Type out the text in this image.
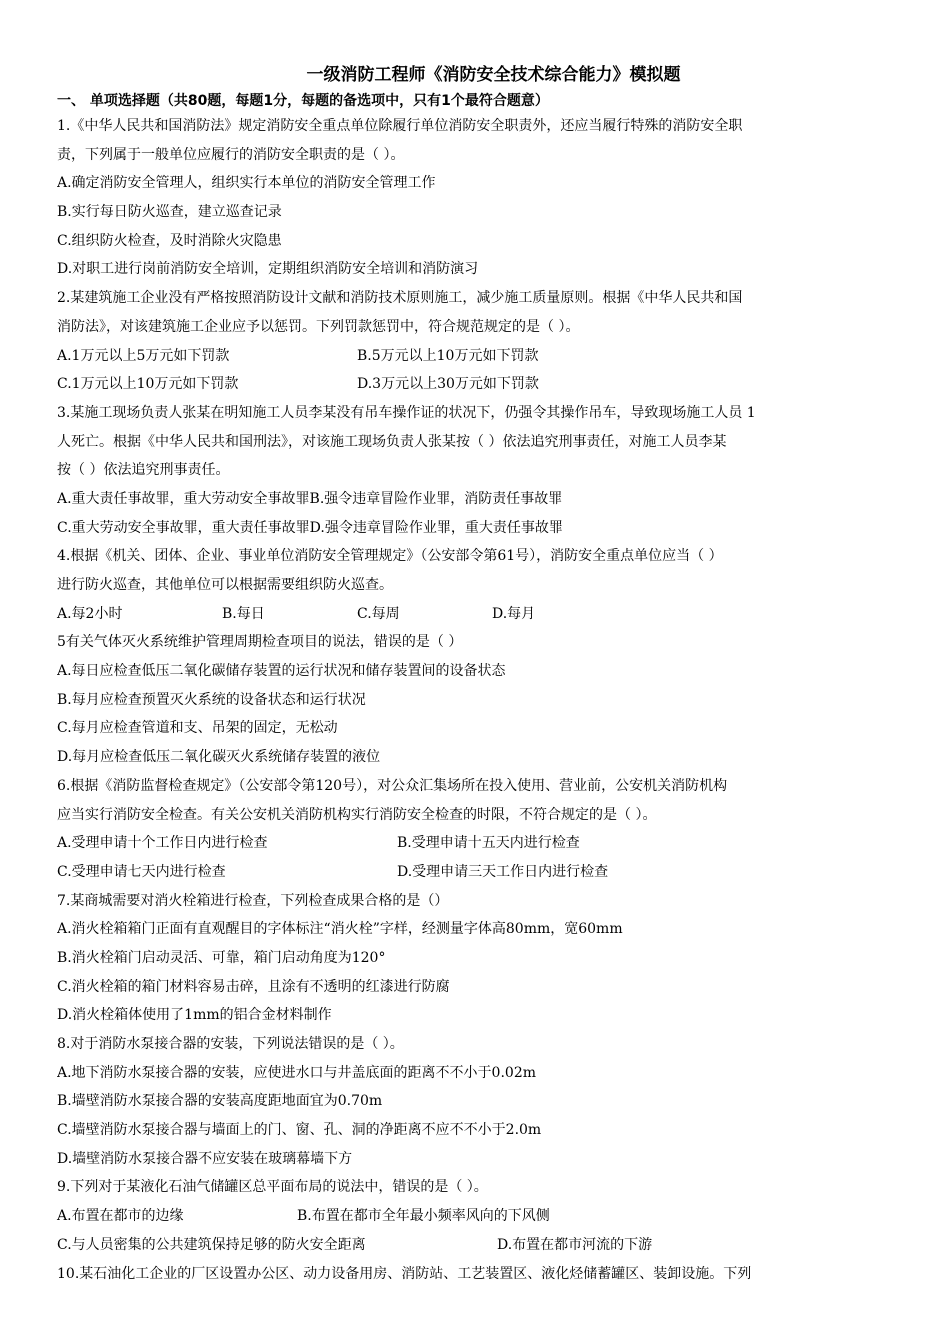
一级消防工程师《消防安全技术综合能力》模拟题
一、 单项选择题（共80题，每题1分，每题的备选项中，只有1个最符合题意）
1.《中华人民共和国消防法》规定消防安全重点单位除履行单位消防安全职责外，还应当履行特殊的消防安全职
责，下列属于一般单位应履行的消防安全职责的是（ ）。
A.确定消防安全管理人，组织实行本单位的消防安全管理工作
B.实行每日防火巡查，建立巡查记录
C.组织防火检查，及时消除火灾隐患
D.对职工进行岗前消防安全培训，定期组织消防安全培训和消防演习
2.某建筑施工企业没有严格按照消防设计文献和消防技术原则施工，减少施工质量原则。根据《中华人民共和国
消防法》，对该建筑施工企业应予以惩罚。下列罚款惩罚中，符合规范规定的是（ ）。
A.1万元以上5万元如下罚款	B.5万元以上10万元如下罚款
C.1万元以上10万元如下罚款	D.3万元以上30万元如下罚款
3.某施工现场负责人张某在明知施工人员李某没有吊车操作证的状况下，仍强令其操作吊车，导致现场施工人员 1
人死亡。根据《中华人民共和国刑法》，对该施工现场负责人张某按（ ）依法追究刑事责任，对施工人员李某
按（ ）依法追究刑事责任。
A.重大责任事故罪，重大劳动安全事故罪B.强令违章冒险作业罪，消防责任事故罪
C.重大劳动安全事故罪，重大责任事故罪D.强令违章冒险作业罪，重大责任事故罪
4.根据《机关、团体、企业、事业单位消防安全管理规定》（公安部令第61号），消防安全重点单位应当（ ）
进行防火巡查，其他单位可以根据需要组织防火巡查。
A.每2小时	B.每日	C.每周	D.每月
5有关气体灭火系统维护管理周期检查项目的说法，错误的是（ ）
A.每日应检查低压二氧化碳储存装置的运行状况和储存装置间的设备状态
B.每月应检查预置灭火系统的设备状态和运行状况
C.每月应检查管道和支、吊架的固定，无松动
D.每月应检查低压二氧化碳灭火系统储存装置的液位
6.根据《消防监督检查规定》（公安部令第120号），对公众汇集场所在投入使用、营业前，公安机关消防机构
应当实行消防安全检查。有关公安机关消防机构实行消防安全检查的时限，不符合规定的是（ ）。
A.受理申请十个工作日内进行检查	B.受理申请十五天内进行检查
C.受理申请七天内进行检查	D.受理申请三天工作日内进行检查
7.某商城需要对消火栓箱进行检查，下列检查成果合格的是（）
A.消火栓箱箱门正面有直观醒目的字体标注“消火栓”字样，经测量字体高80mm，宽60mm
B.消火栓箱门启动灵活、可靠，箱门启动角度为120°
C.消火栓箱的箱门材料容易击碎，且涂有不透明的红漆进行防腐
D.消火栓箱体使用了1mm的铝合金材料制作
8.对于消防水泵接合器的安装，下列说法错误的是（ ）。
A.地下消防水泵接合器的安装，应使进水口与井盖底面的距离不不小于0.02m
B.墙壁消防水泵接合器的安装高度距地面宜为0.70m
C.墙壁消防水泵接合器与墙面上的门、窗、孔、洞的净距离不应不不小于2.0m
D.墙壁消防水泵接合器不应安装在玻璃幕墙下方
9.下列对于某液化石油气储罐区总平面布局的说法中，错误的是（ ）。
A.布置在都市的边缘	B.布置在都市全年最小频率风向的下风侧
C.与人员密集的公共建筑保持足够的防火安全距离	D.布置在都市河流的下游
10.某石油化工企业的厂区设置办公区、动力设备用房、消防站、工艺装置区、液化烃储蓄罐区、装卸设施。下列
